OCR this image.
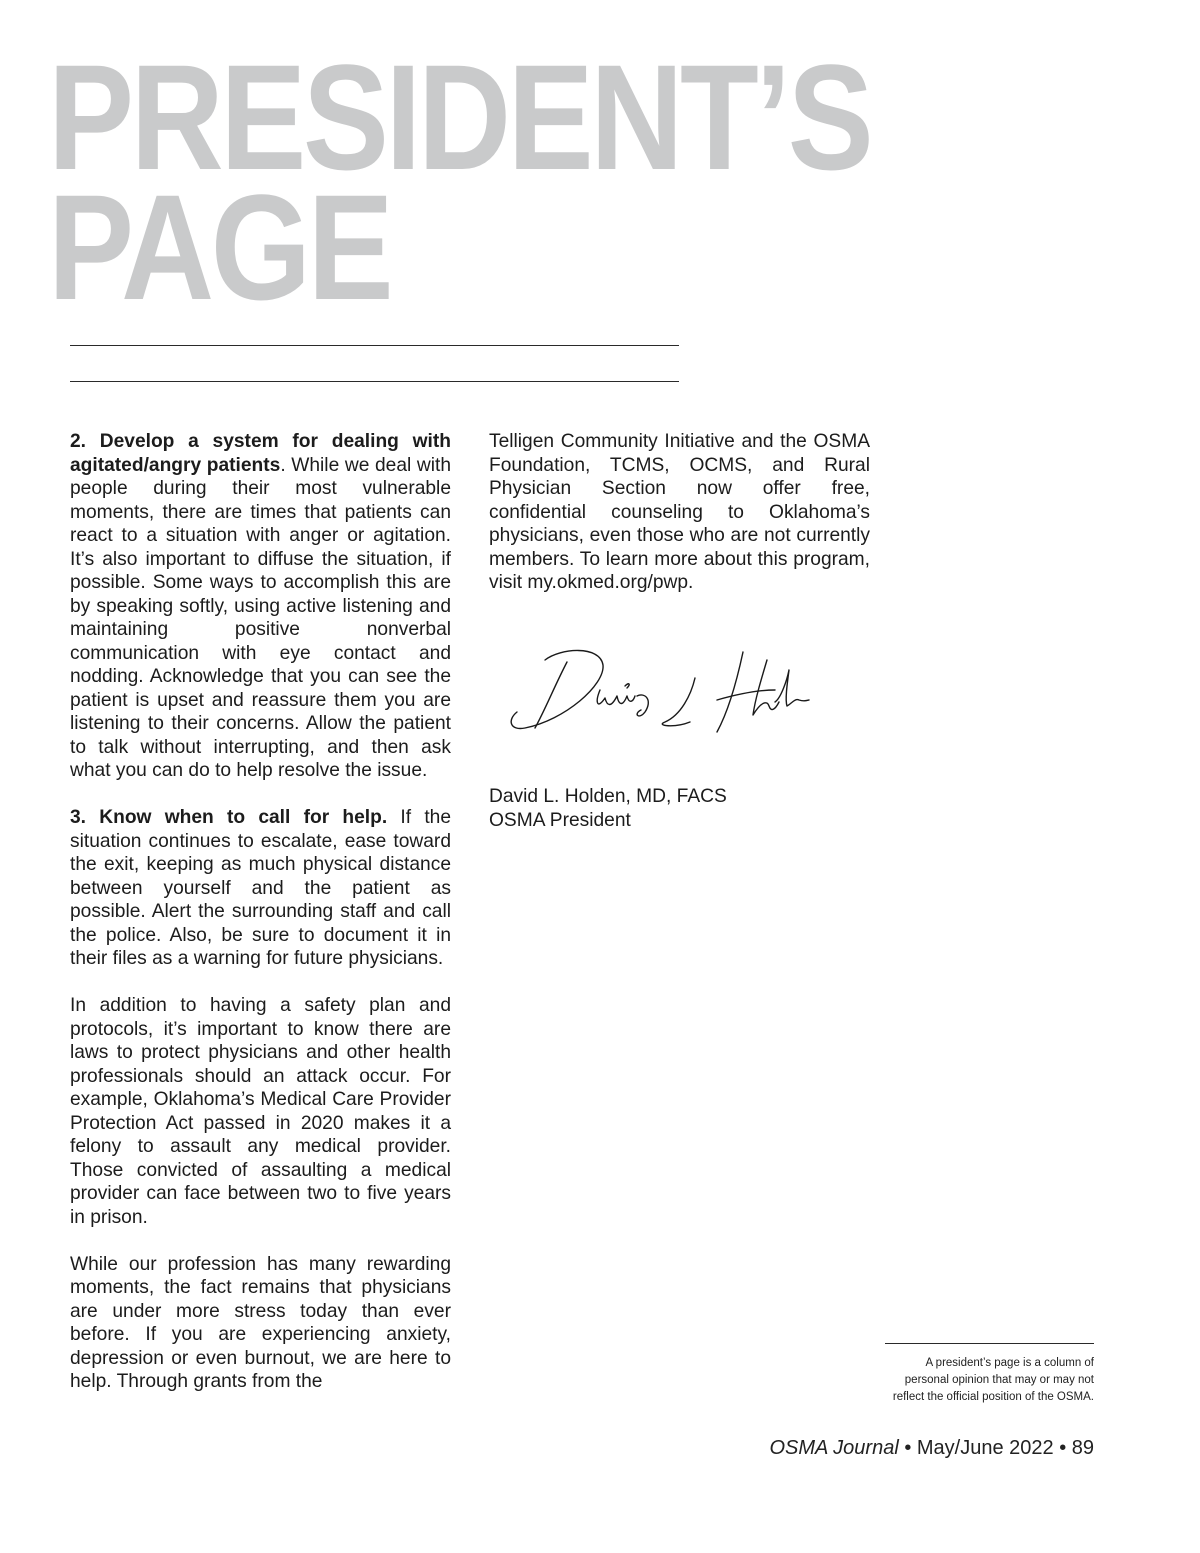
PRESIDENT’S
PAGE

2. Develop a system for dealing with agitated/angry patients. While we deal with people during their most vulnerable moments, there are times that patients can react to a situation with anger or agitation. It’s also important to diffuse the situation, if possible. Some ways to accomplish this are by speaking softly, using active listening and maintaining positive nonverbal communication with eye contact and nodding. Acknowledge that you can see the patient is upset and reassure them you are listening to their concerns. Allow the patient to talk without interrupting, and then ask what you can do to help resolve the issue.

3. Know when to call for help. If the situation continues to escalate, ease toward the exit, keeping as much physical distance between yourself and the patient as possible. Alert the surrounding staff and call the police. Also, be sure to document it in their files as a warning for future physicians.

In addition to having a safety plan and protocols, it’s important to know there are laws to protect physicians and other health professionals should an attack occur. For example, Oklahoma’s Medical Care Provider Protection Act passed in 2020 makes it a felony to assault any medical provider. Those convicted of assaulting a medical provider can face between two to five years in prison.

While our profession has many rewarding moments, the fact remains that physicians are under more stress today than ever before. If you are experiencing anxiety, depression or even burnout, we are here to help. Through grants from the

Telligen Community Initiative and the OSMA Foundation, TCMS, OCMS, and Rural Physician Section now offer free, confidential counseling to Oklahoma’s physicians, even those who are not currently members. To learn more about this program, visit my.okmed.org/pwp.

David L. Holden, MD, FACS
OSMA President
A president’s page is a column of personal opinion that may or may not reflect the official position of the OSMA.
OSMA Journal • May/June 2022 • 89
